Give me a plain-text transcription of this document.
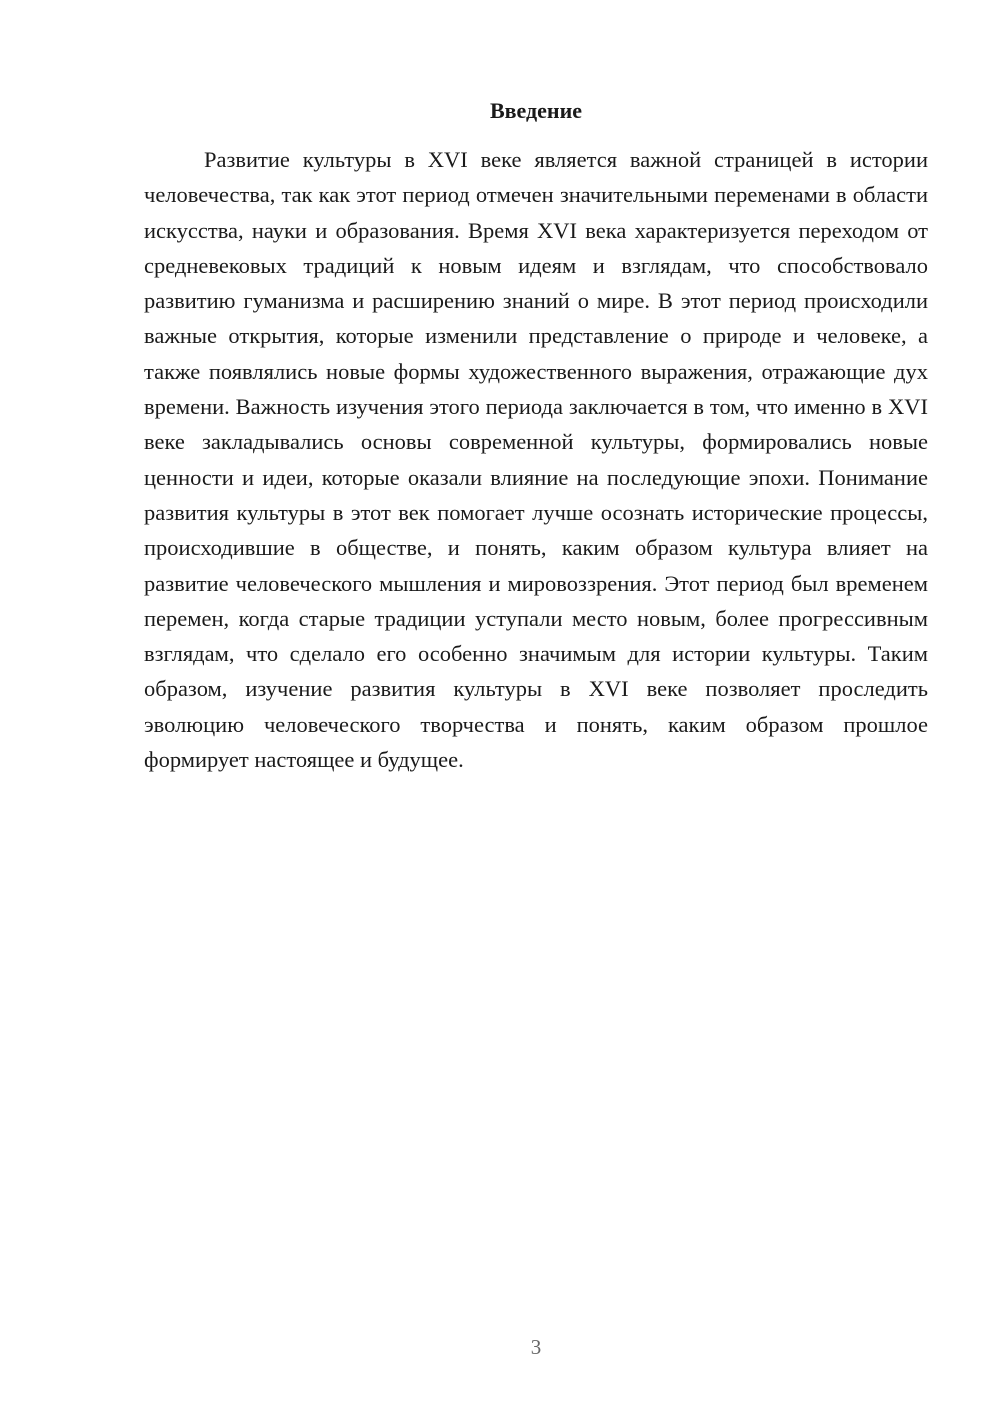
Введение

Развитие культуры в XVI веке является важной страницей в истории человечества, так как этот период отмечен значительными переменами в области искусства, науки и образования. Время XVI века характеризуется переходом от средневековых традиций к новым идеям и взглядам, что способствовало развитию гуманизма и расширению знаний о мире. В этот период происходили важные открытия, которые изменили представление о природе и человеке, а также появлялись новые формы художественного выражения, отражающие дух времени. Важность изучения этого периода заключается в том, что именно в XVI веке закладывались основы современной культуры, формировались новые ценности и идеи, которые оказали влияние на последующие эпохи. Понимание развития культуры в этот век помогает лучше осознать исторические процессы, происходившие в обществе, и понять, каким образом культура влияет на развитие человеческого мышления и мировоззрения. Этот период был временем перемен, когда старые традиции уступали место новым, более прогрессивным взглядам, что сделало его особенно значимым для истории культуры. Таким образом, изучение развития культуры в XVI веке позволяет проследить эволюцию человеческого творчества и понять, каким образом прошлое формирует настоящее и будущее.

3
